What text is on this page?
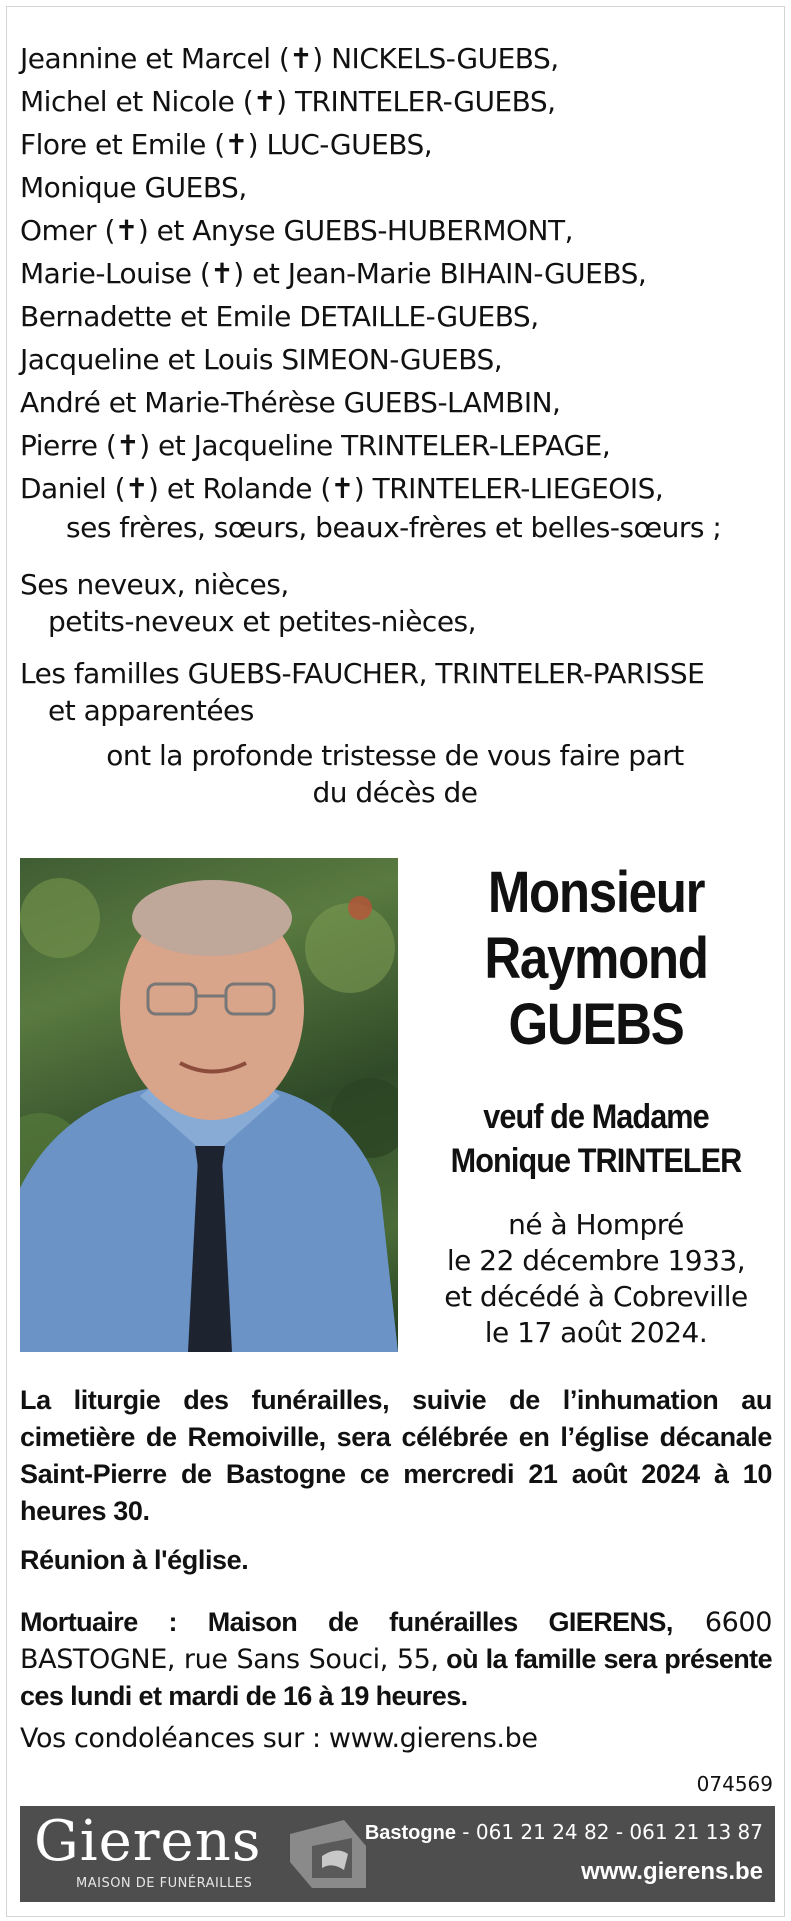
Jeannine et Marcel (✝) NICKELS-GUEBS,
Michel et Nicole (✝) TRINTELER-GUEBS,
Flore et Emile (✝) LUC-GUEBS,
Monique GUEBS,
Omer (✝) et Anyse GUEBS-HUBERMONT,
Marie-Louise (✝) et Jean-Marie BIHAIN-GUEBS,
Bernadette et Emile DETAILLE-GUEBS,
Jacqueline et Louis SIMEON-GUEBS,
André et Marie-Thérèse GUEBS-LAMBIN,
Pierre (✝) et Jacqueline TRINTELER-LEPAGE,
Daniel (✝) et Rolande (✝) TRINTELER-LIEGEOIS,
ses frères, sœurs, beaux-frères et belles-sœurs ;
Ses neveux, nièces,
petits-neveux et petites-nièces,
Les familles GUEBS-FAUCHER, TRINTELER-PARISSE
et apparentées
ont la profonde tristesse de vous faire part
du décès de
Monsieur
Raymond
GUEBS
veuf de Madame
Monique TRINTELER
né à Hompré
le 22 décembre 1933,
et décédé à Cobreville
le 17 août 2024.
La liturgie des funérailles, suivie de l’inhumation au cimetière de Remoiville, sera célébrée en l’église décanale Saint-Pierre de Bastogne ce mercredi 21 août 2024 à 10 heures 30.
Réunion à l'église.
Mortuaire : Maison de funérailles GIERENS, 6600 BASTOGNE, rue Sans Souci, 55, où la famille sera présente ces lundi et mardi de 16 à 19 heures.
Vos condoléances sur : www.gierens.be
074569
Gierens
MAISON DE FUNÉRAILLES
Bastogne - 061 21 24 82 - 061 21 13 87
www.gierens.be
